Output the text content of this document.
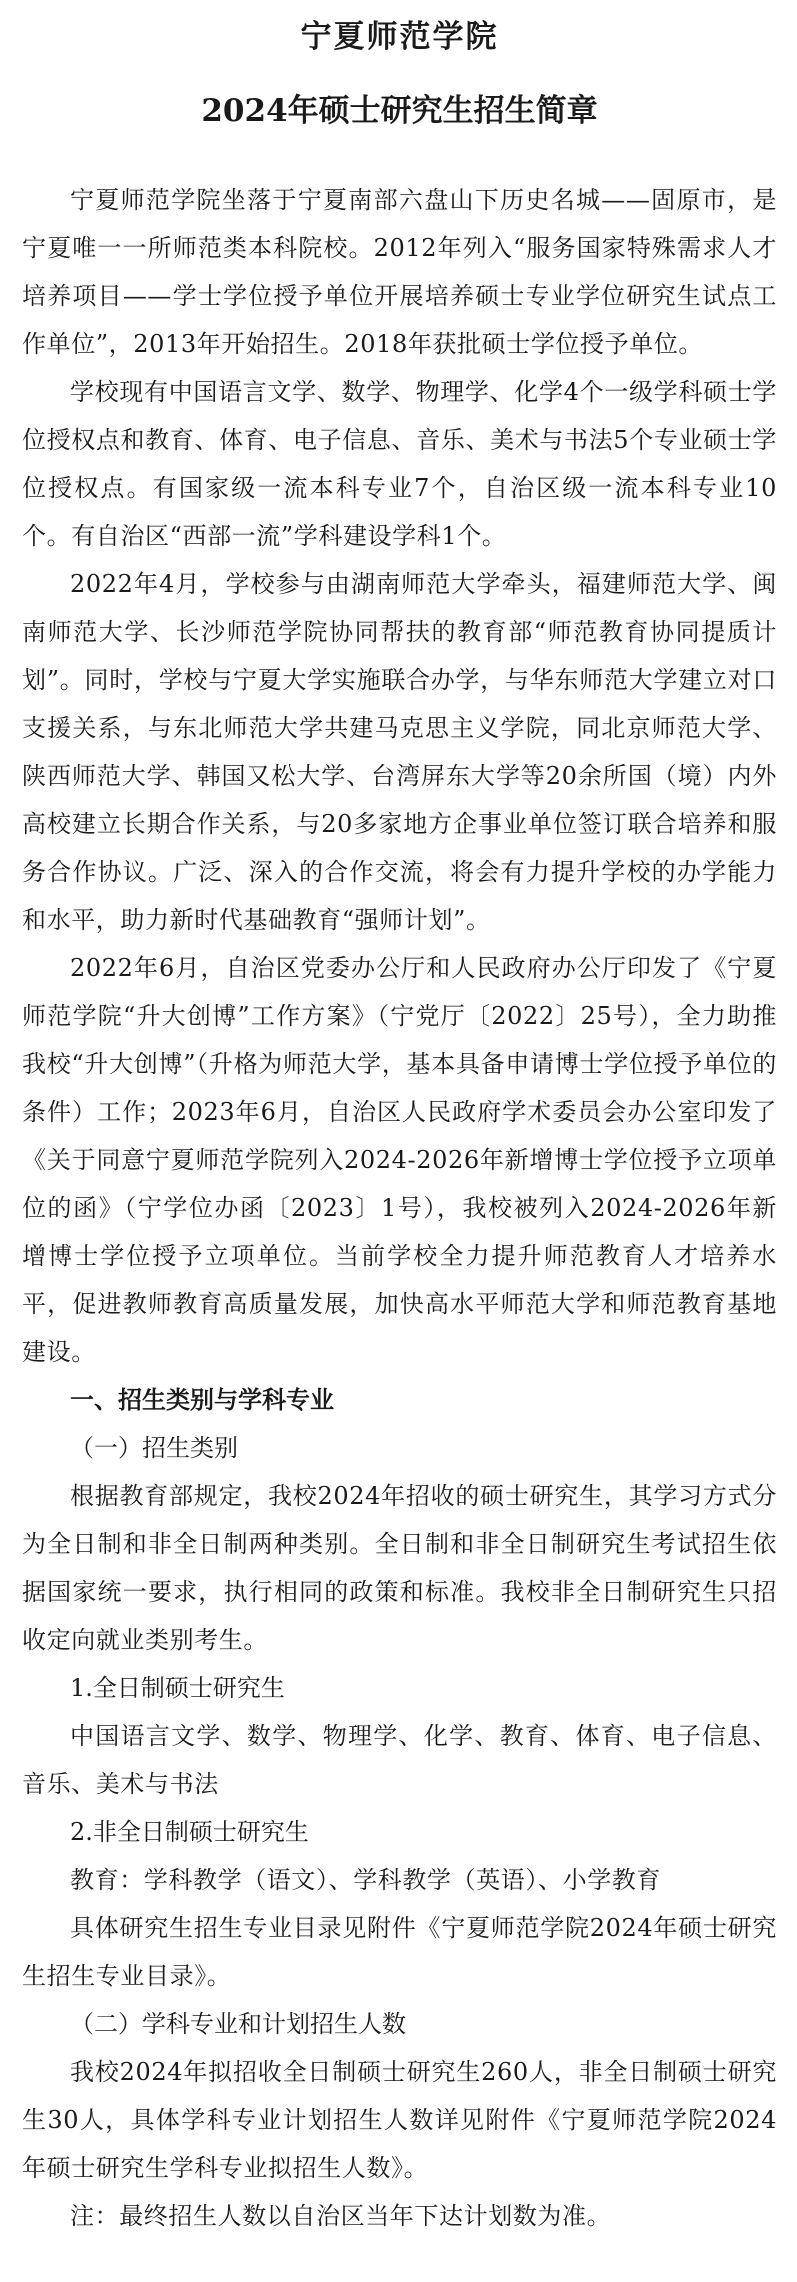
宁夏师范学院
2024年硕士研究生招生简章

宁夏师范学院坐落于宁夏南部六盘山下历史名城——固原市，是宁夏唯一一所师范类本科院校。2012年列入“服务国家特殊需求人才培养项目——学士学位授予单位开展培养硕士专业学位研究生试点工作单位”，2013年开始招生。2018年获批硕士学位授予单位。

学校现有中国语言文学、数学、物理学、化学4个一级学科硕士学位授权点和教育、体育、电子信息、音乐、美术与书法5个专业硕士学位授权点。有国家级一流本科专业7个，自治区级一流本科专业10个。有自治区“西部一流”学科建设学科1个。

2022年4月，学校参与由湖南师范大学牵头，福建师范大学、闽南师范大学、长沙师范学院协同帮扶的教育部“师范教育协同提质计划”。同时，学校与宁夏大学实施联合办学，与华东师范大学建立对口支援关系，与东北师范大学共建马克思主义学院，同北京师范大学、陕西师范大学、韩国又松大学、台湾屏东大学等20余所国（境）内外高校建立长期合作关系，与20多家地方企事业单位签订联合培养和服务合作协议。广泛、深入的合作交流，将会有力提升学校的办学能力和水平，助力新时代基础教育“强师计划”。

2022年6月，自治区党委办公厅和人民政府办公厅印发了《宁夏师范学院“升大创博”工作方案》（宁党厅〔2022〕25号），全力助推我校“升大创博”（升格为师范大学，基本具备申请博士学位授予单位的条件）工作；2023年6月，自治区人民政府学术委员会办公室印发了《关于同意宁夏师范学院列入2024-2026年新增博士学位授予立项单位的函》（宁学位办函〔2023〕1号），我校被列入2024-2026年新增博士学位授予立项单位。当前学校全力提升师范教育人才培养水平，促进教师教育高质量发展，加快高水平师范大学和师范教育基地建设。

一、招生类别与学科专业

（一）招生类别

根据教育部规定，我校2024年招收的硕士研究生，其学习方式分为全日制和非全日制两种类别。全日制和非全日制研究生考试招生依据国家统一要求，执行相同的政策和标准。我校非全日制研究生只招收定向就业类别考生。

1.全日制硕士研究生

中国语言文学、数学、物理学、化学、教育、体育、电子信息、音乐、美术与书法

2.非全日制硕士研究生

教育：学科教学（语文）、学科教学（英语）、小学教育

具体研究生招生专业目录见附件《宁夏师范学院2024年硕士研究生招生专业目录》。

（二）学科专业和计划招生人数

我校2024年拟招收全日制硕士研究生260人，非全日制硕士研究生30人，具体学科专业计划招生人数详见附件《宁夏师范学院2024年硕士研究生学科专业拟招生人数》。

注：最终招生人数以自治区当年下达计划数为准。
